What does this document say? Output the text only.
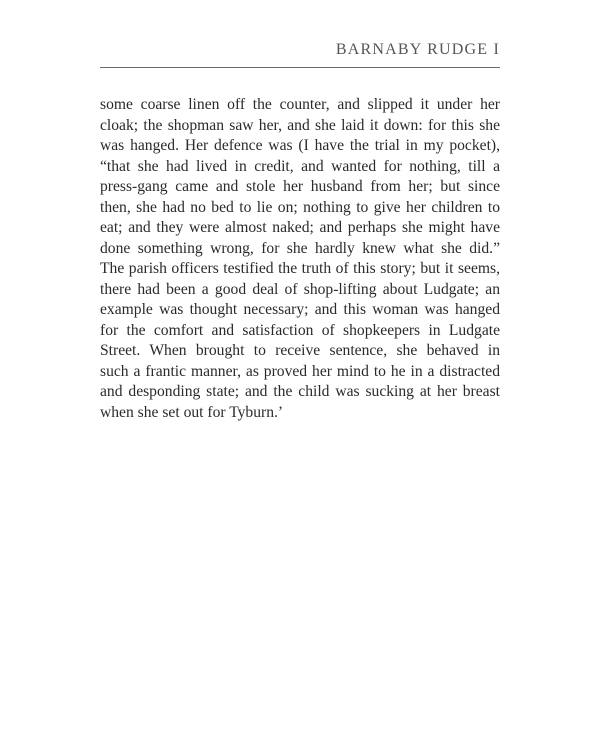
BARNABY RUDGE I
some coarse linen off the counter, and slipped it under her
cloak; the shopman saw her, and she laid it down: for this she
was hanged. Her defence was (I have the trial in my pocket),
“that she had lived in credit, and wanted for nothing, till a
press-gang came and stole her husband from her; but since
then, she had no bed to lie on; nothing to give her children to
eat; and they were almost naked; and perhaps she might have
done something wrong, for she hardly knew what she did.”
The parish officers testified the truth of this story; but it seems,
there had been a good deal of shop-lifting about Ludgate; an
example was thought necessary; and this woman was hanged
for the comfort and satisfaction of shopkeepers in Ludgate
Street. When brought to receive sentence, she behaved in
such a frantic manner, as proved her mind to he in a distracted
and desponding state; and the child was sucking at her breast
when she set out for Tyburn.’
